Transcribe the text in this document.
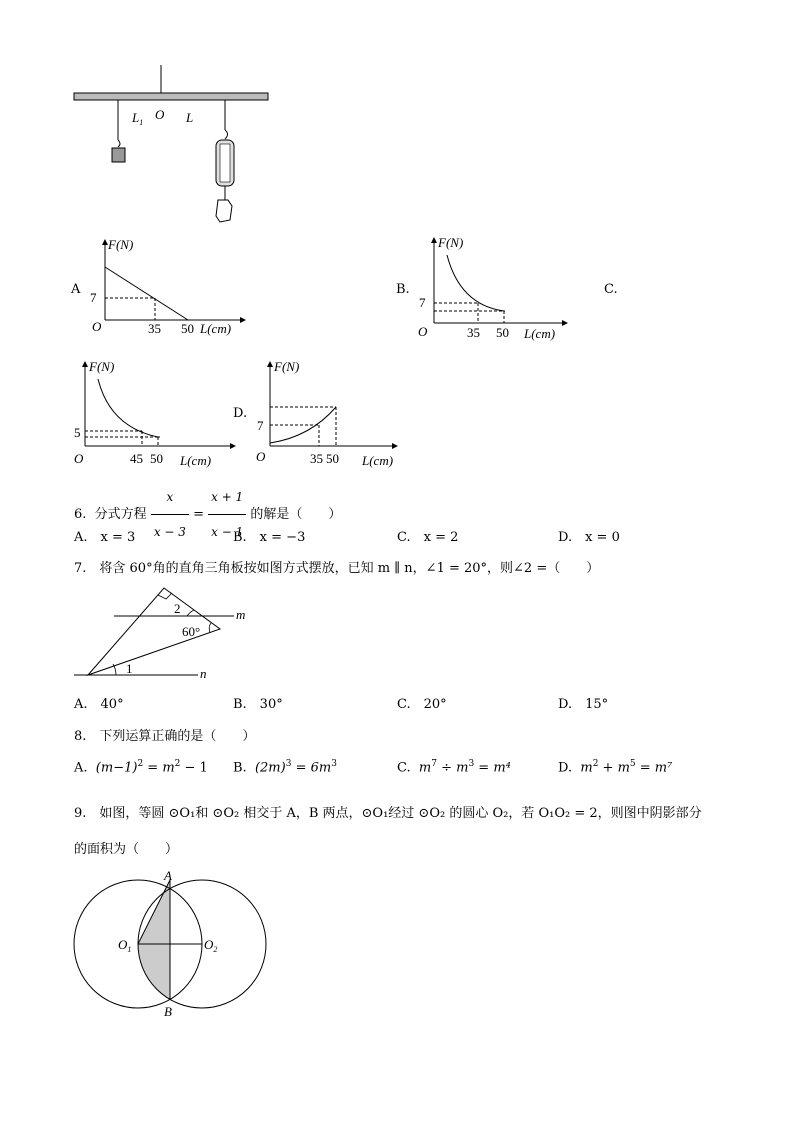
$L_1$
O L
A
F(N)
O
7
35 50 L(cm)
B.
F(N)
O
7
35 50 L(cm)
C.
F(N)
O
5
45 50 L(cm)
D.
F(N)
O
7
35 50 L(cm)
6. 分式方程 $\frac{x}{x - 3} = \frac{x + 1}{x - 1}$ 的解是（　　）
A.　x = 3	B.　x = −3	C.　x = 2	D.　x = 0
7.　将含 60°角的直角三角板按如图方式摆放，已知 m ∥ n，∠1 = 20°，则∠2 =（　　）
m
n
1
2
60°
A.　40°	B.　30°	C.　20°	D.　15°
8.　下列运算正确的是（　　）
A. $(m-1)^2 = m^2 - 1$ B. $(2m)^3 = 6m^3$	C. $m^7 \div m^3 = m^4$	D. $m^2 + m^5 = m^7$
9.　如图，等圆 ⊙O₁和 ⊙O₂ 相交于 A，B 两点，⊙O₁经过 ⊙O₂ 的圆心 O₂，若 O₁O₂ = 2，则图中阴影部分
的面积为（　　）
A
B
$O_1$	$O_2$
